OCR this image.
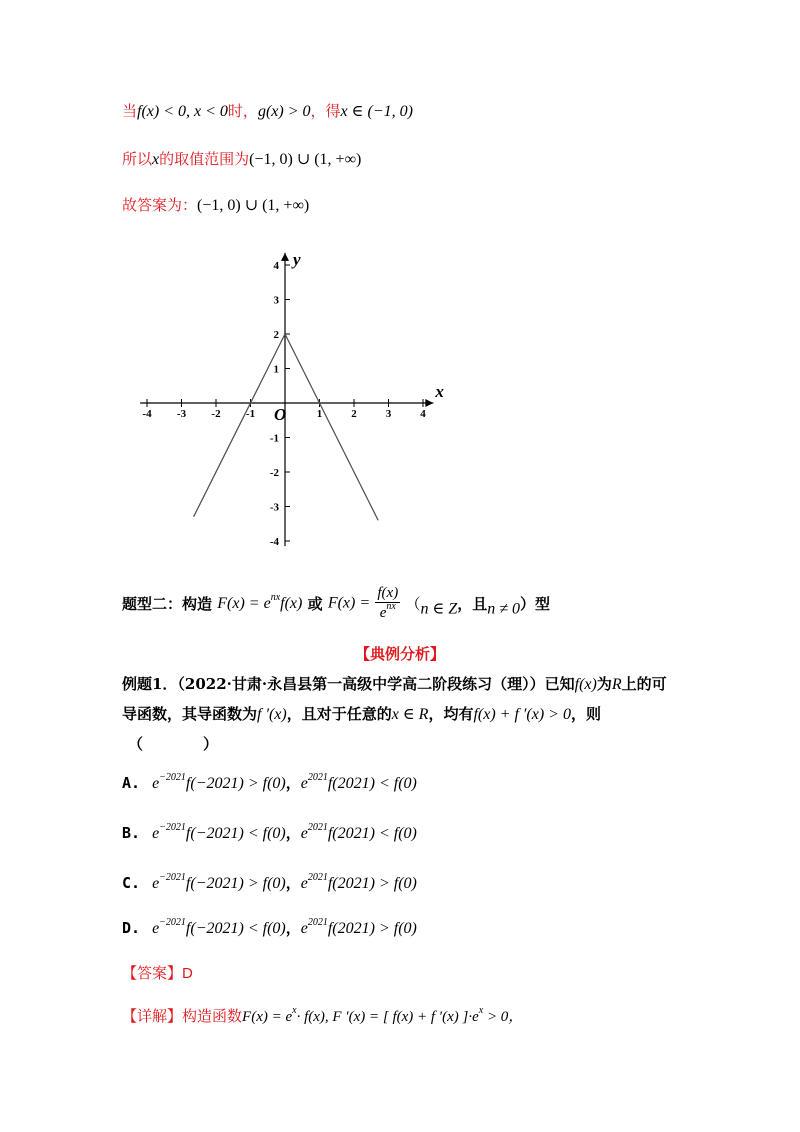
当f(x) < 0, x < 0时，g(x) > 0，得x ∈ (−1, 0)
所以x的取值范围为(−1, 0) ∪ (1, +∞)
故答案为：(−1, 0) ∪ (1, +∞)
-4 -3 -2 -1	1	2	3	4
4
3
2
1
-1
-2
-3
-4
x
y
O
题型二：构造 $F(x) = e^{nx}f(x)$ 或 $F(x) = \frac{f(x)}{e^{nx}} (n$ ∈ Z，且n ≠ 0）型
【典例分析】
例题1．（2022·甘肃·永昌县第一高级中学高二阶段练习（理））已知f(x)为R上的可
导函数，其导函数为f ′(x)，且对于任意的x ∈ R，均有f(x) + f ′(x) > 0，则
（　　　　）
A. $e^{-2021}f(-2021) > f(0)$，$e^{2021}f(2021) < f(0)$
B. $e^{-2021}f(-2021) < f(0)$，$e^{2021}f(2021) < f(0)$
C. $e^{-2021}f(-2021) > f(0)$，$e^{2021}f(2021) > f(0)$
D. $e^{-2021}f(-2021) < f(0)$，$e^{2021}f(2021) > f(0)$
【答案】D
【详解】构造函数$F(x) = e^x\cdot f(x)$, F ′(x) = [ f(x) + f ′(x) ]$\cdot e^x > 0$，
